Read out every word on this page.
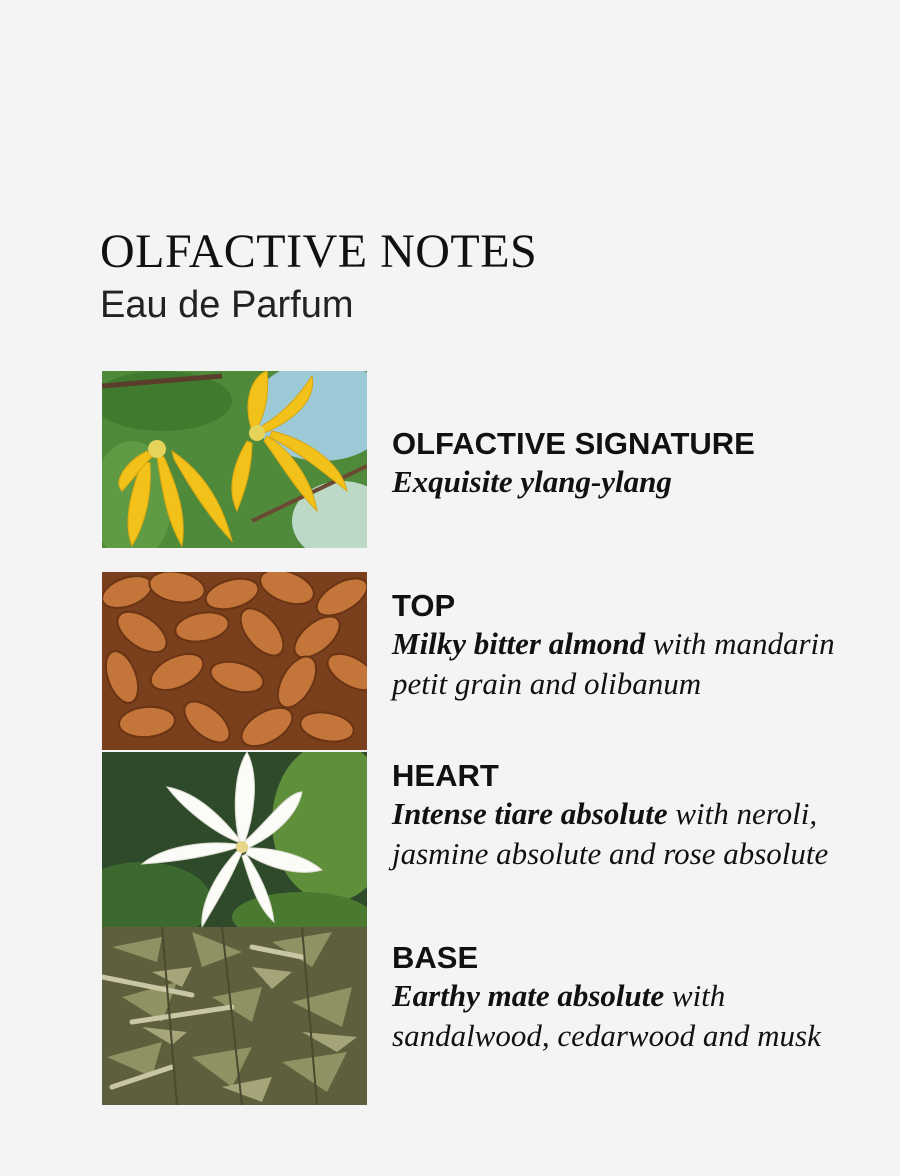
OLFACTIVE NOTES
Eau de Parfum
OLFACTIVE SIGNATURE
Exquisite ylang-ylang
TOP
Milky bitter almond with mandarin petit grain and olibanum
HEART
Intense tiare absolute with neroli, jasmine absolute and rose absolute
BASE
Earthy mate absolute with sandalwood, cedarwood and musk
